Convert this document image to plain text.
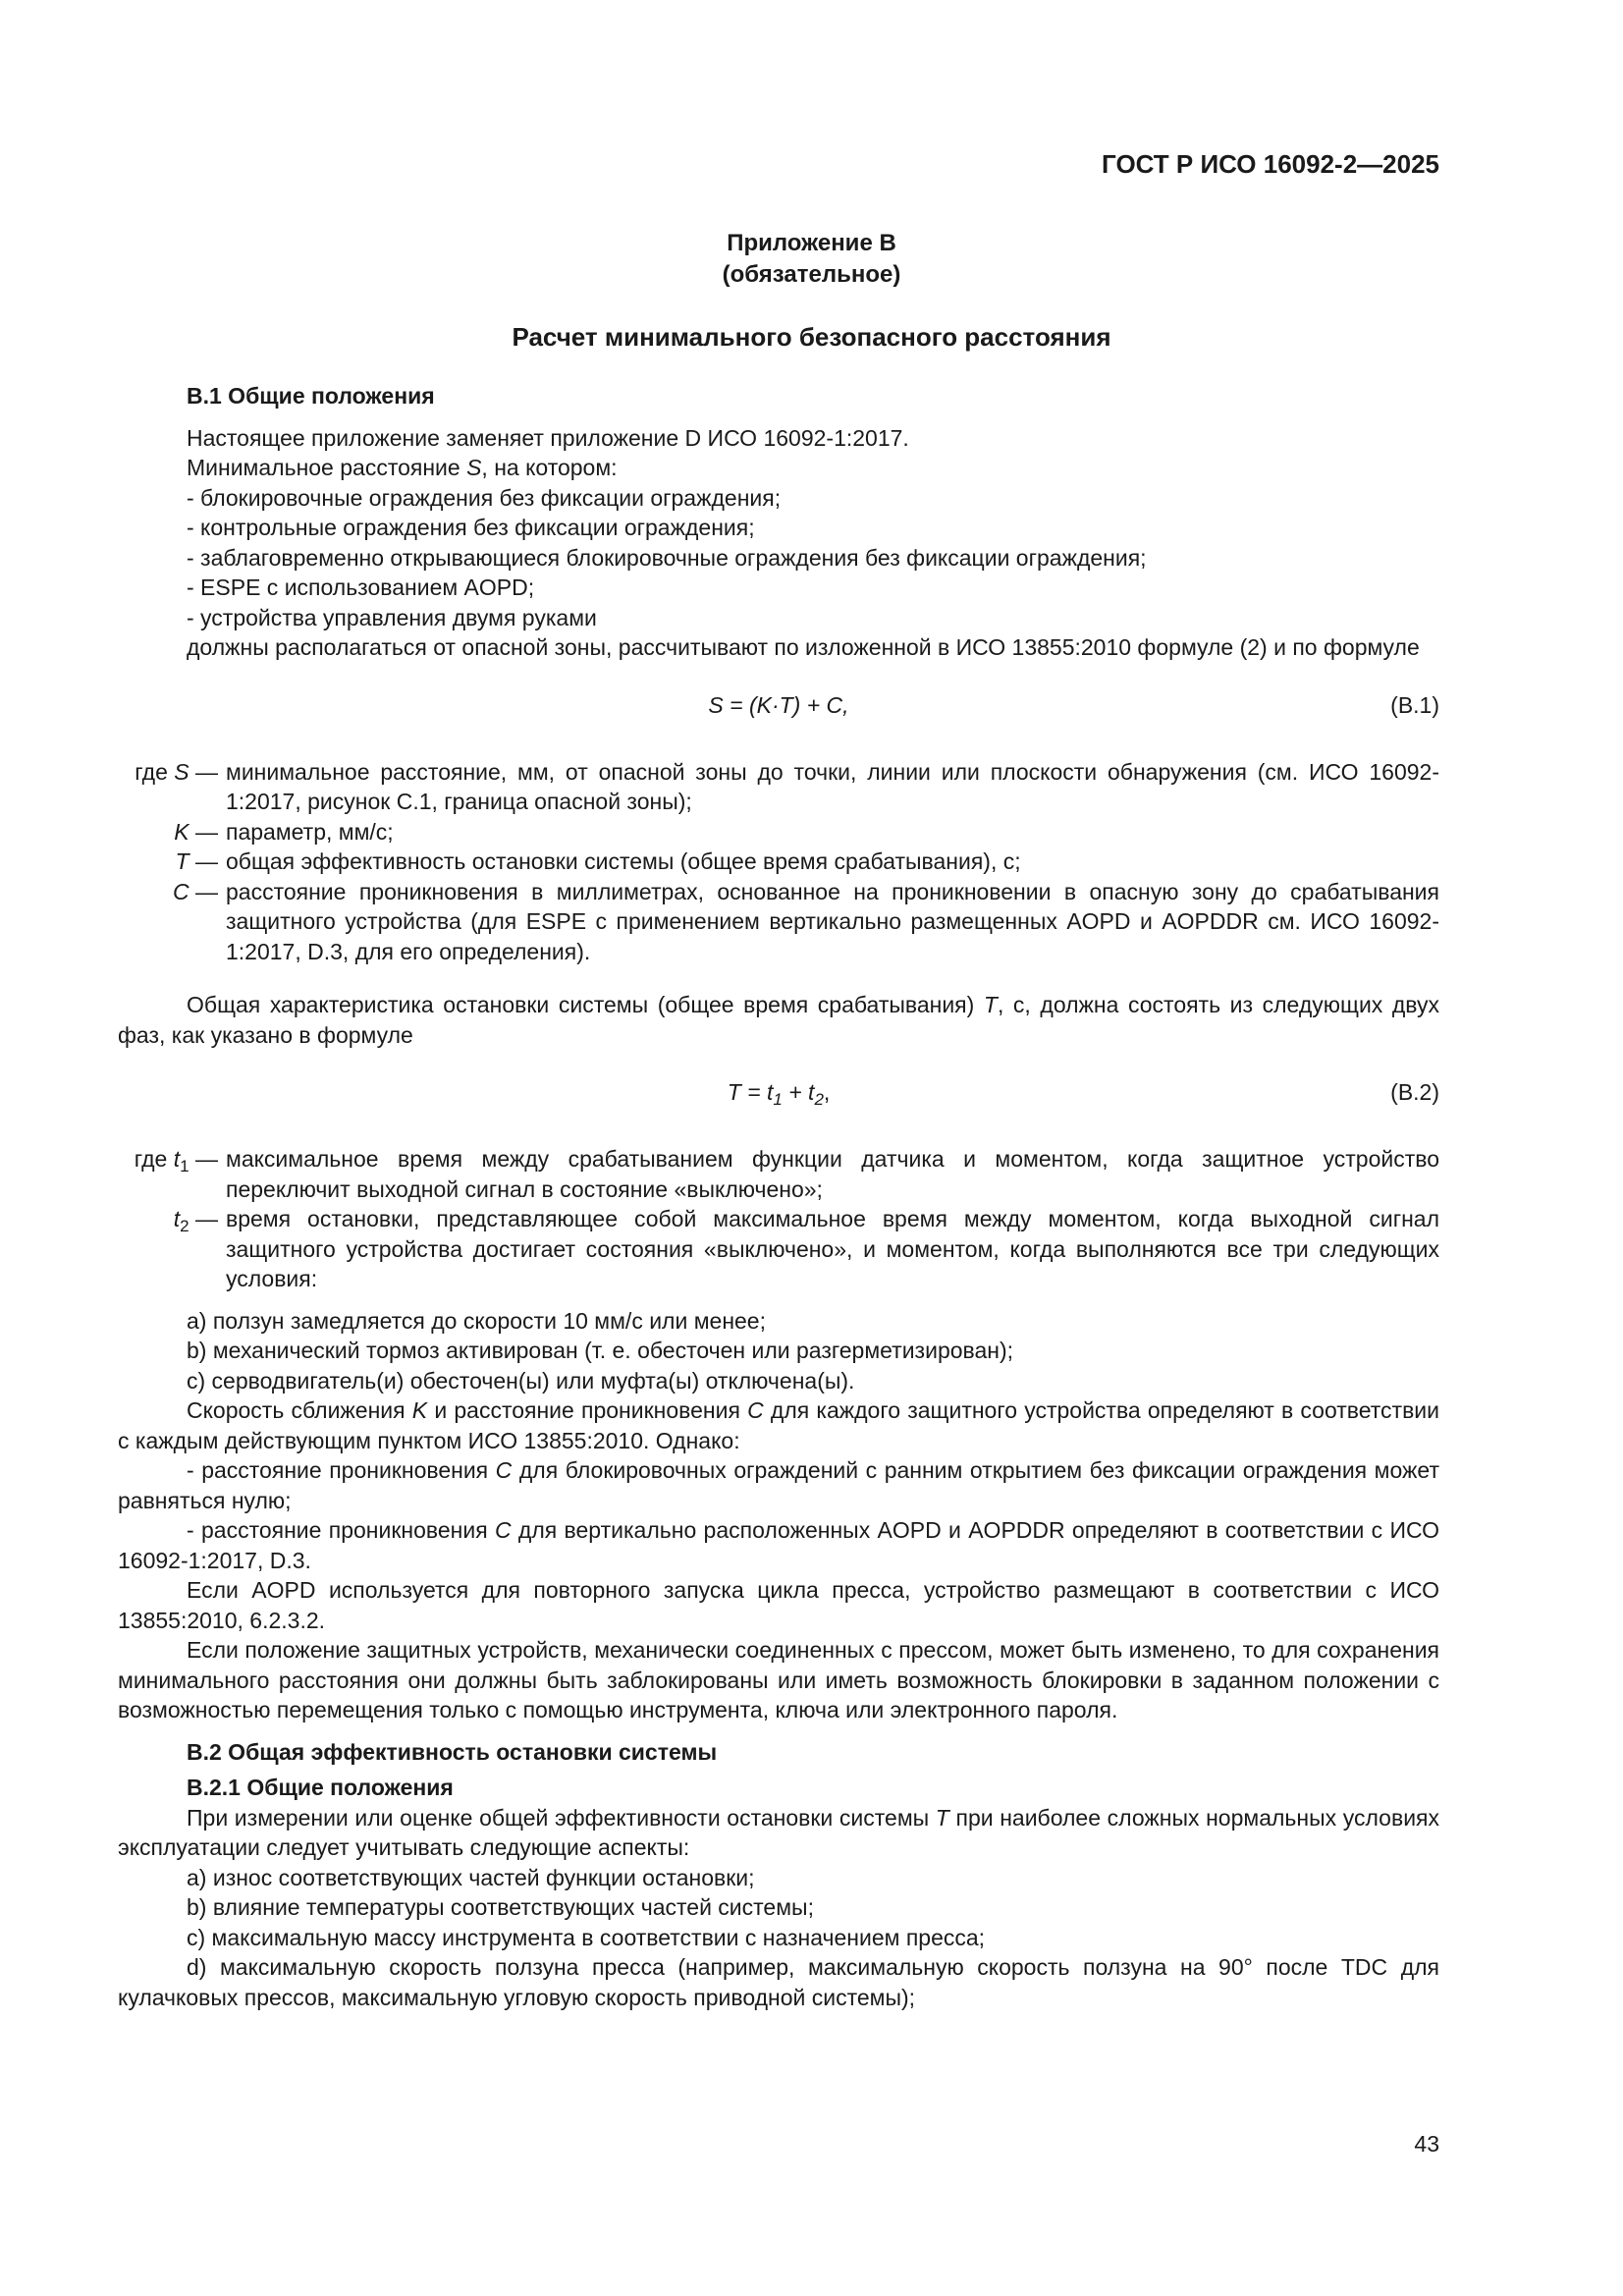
ГОСТ Р ИСО 16092-2—2025
Приложение В
(обязательное)
Расчет минимального безопасного расстояния

В.1 Общие положения

Настоящее приложение заменяет приложение D ИСО 16092-1:2017.

Минимальное расстояние S, на котором:

- блокировочные ограждения без фиксации ограждения;

- контрольные ограждения без фиксации ограждения;

- заблаговременно открывающиеся блокировочные ограждения без фиксации ограждения;

- ESPE с использованием AOPD;

- устройства управления двумя руками

должны располагаться от опасной зоны, рассчитывают по изложенной в ИСО 13855:2010 формуле (2) и по формуле

S = (K·T) + C,	(В.1)
где S — минимальное расстояние, мм, от опасной зоны до точки, линии или плоскости обнаружения (см. ИСО 16092-1:2017, рисунок C.1, граница опасной зоны);
K — параметр, мм/с;
T — общая эффективность остановки системы (общее время срабатывания), с;
C — расстояние проникновения в миллиметрах, основанное на проникновении в опасную зону до срабатывания защитного устройства (для ESPE с применением вертикально размещенных AOPD и AOPDDR см. ИСО 16092-1:2017, D.3, для его определения).

Общая характеристика остановки системы (общее время срабатывания) T, с, должна состоять из следующих двух фаз, как указано в формуле

$T = t_1 + t_2$,	(В.2)
где $t_1$ — максимальное время между срабатыванием функции датчика и моментом, когда защитное устройство переключит выходной сигнал в состояние «выключено»;
$t_2$ — время остановки, представляющее собой максимальное время между моментом, когда выходной сигнал защитного устройства достигает состояния «выключено», и моментом, когда выполняются все три следующих условия:

a) ползун замедляется до скорости 10 мм/с или менее;

b) механический тормоз активирован (т. е. обесточен или разгерметизирован);

c) серводвигатель(и) обесточен(ы) или муфта(ы) отключена(ы).

Скорость сближения K и расстояние проникновения C для каждого защитного устройства определяют в соответствии с каждым действующим пунктом ИСО 13855:2010. Однако:

- расстояние проникновения C для блокировочных ограждений с ранним открытием без фиксации ограждения может равняться нулю;

- расстояние проникновения C для вертикально расположенных AOPD и AOPDDR определяют в соответствии с ИСО 16092-1:2017, D.3.

Если AOPD используется для повторного запуска цикла пресса, устройство размещают в соответствии с ИСО 13855:2010, 6.2.3.2.

Если положение защитных устройств, механически соединенных с прессом, может быть изменено, то для сохранения минимального расстояния они должны быть заблокированы или иметь возможность блокировки в заданном положении с возможностью перемещения только с помощью инструмента, ключа или электронного пароля.

В.2 Общая эффективность остановки системы

В.2.1 Общие положения

При измерении или оценке общей эффективности остановки системы T при наиболее сложных нормальных условиях эксплуатации следует учитывать следующие аспекты:

a) износ соответствующих частей функции остановки;

b) влияние температуры соответствующих частей системы;

c) максимальную массу инструмента в соответствии с назначением пресса;

d) максимальную скорость ползуна пресса (например, максимальную скорость ползуна на 90° после TDC для кулачковых прессов, максимальную угловую скорость приводной системы);

43
